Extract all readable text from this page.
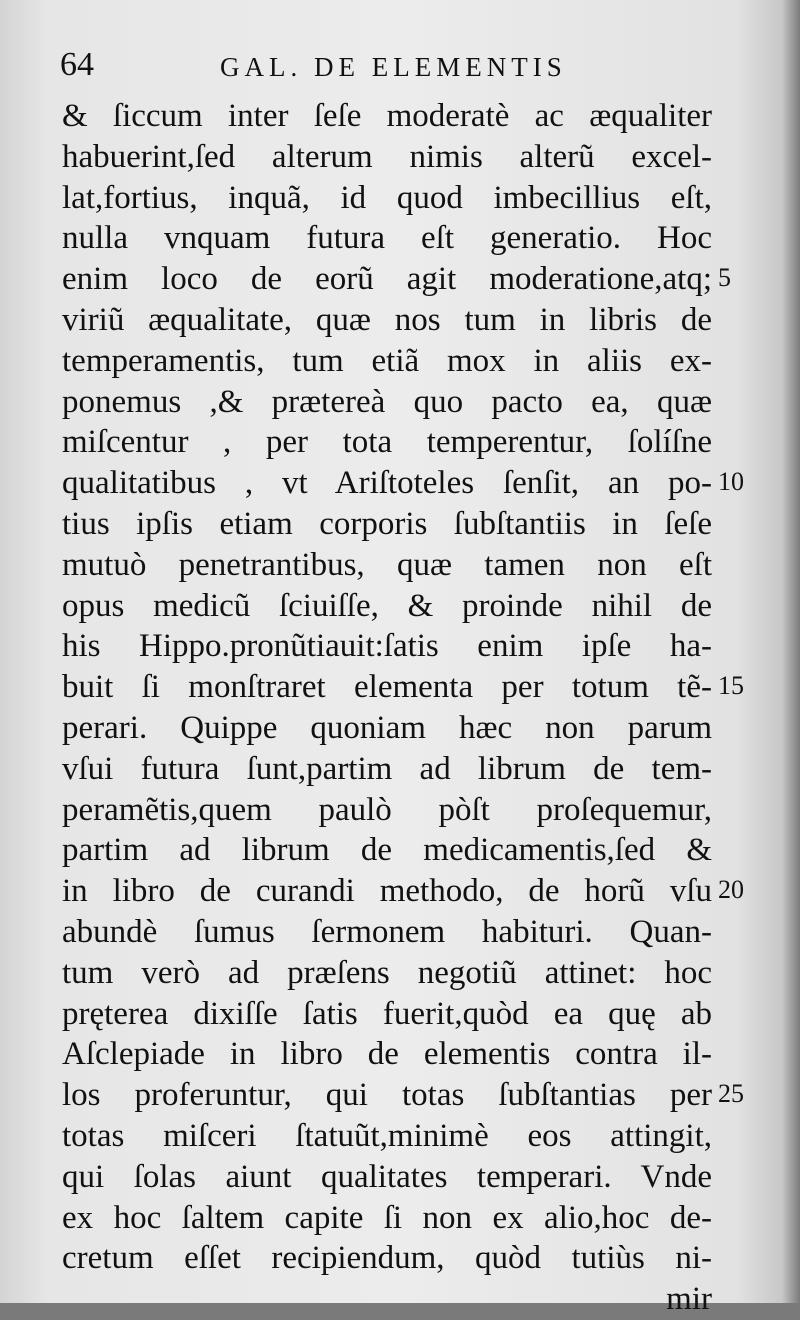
64	GAL. DE ELEMENTIS
& ſiccum inter ſeſe moderatè ac æqualiter
habuerint,ſed alterum nimis alterũ excel-
lat,fortius, inquã, id quod imbecillius eſt,
nulla vnquam futura eſt generatio. Hoc
enim loco de eorũ agit moderatione,atq;
viriũ æqualitate, quæ nos tum in libris de
temperamentis, tum etiã mox in aliis ex-
ponemus ,& prætereà quo pacto ea, quæ
miſcentur , per tota temperentur, ſolíſne
qualitatibus , vt Ariſtoteles ſenſit, an po-
tius ipſis etiam corporis ſubſtantiis in ſeſe
mutuò penetrantibus, quæ tamen non eſt
opus medicũ ſciuiſſe, & proinde nihil de
his Hippo.pronũtiauit:ſatis enim ipſe ha-
buit ſi monſtraret elementa per totum tẽ-
perari. Quippe quoniam hæc non parum
vſui futura ſunt,partim ad librum de tem-
peramẽtis,quem paulò pòſt proſequemur,
partim ad librum de medicamentis,ſed &
in libro de curandi methodo, de horũ vſu
abundè ſumus ſermonem habituri. Quan-
tum verò ad præſens negotiũ attinet: hoc
pręterea dixiſſe ſatis fuerit,quòd ea quę ab
Aſclepiade in libro de elementis contra il-
los proferuntur, qui totas ſubſtantias per
totas miſceri ſtatuũt,minimè eos attingit,
qui ſolas aiunt qualitates temperari. Vnde
ex hoc ſaltem capite ſi non ex alio,hoc de-
cretum eſſet recipiendum, quòd tutiùs ni-
mir
5
10
15
20
25
